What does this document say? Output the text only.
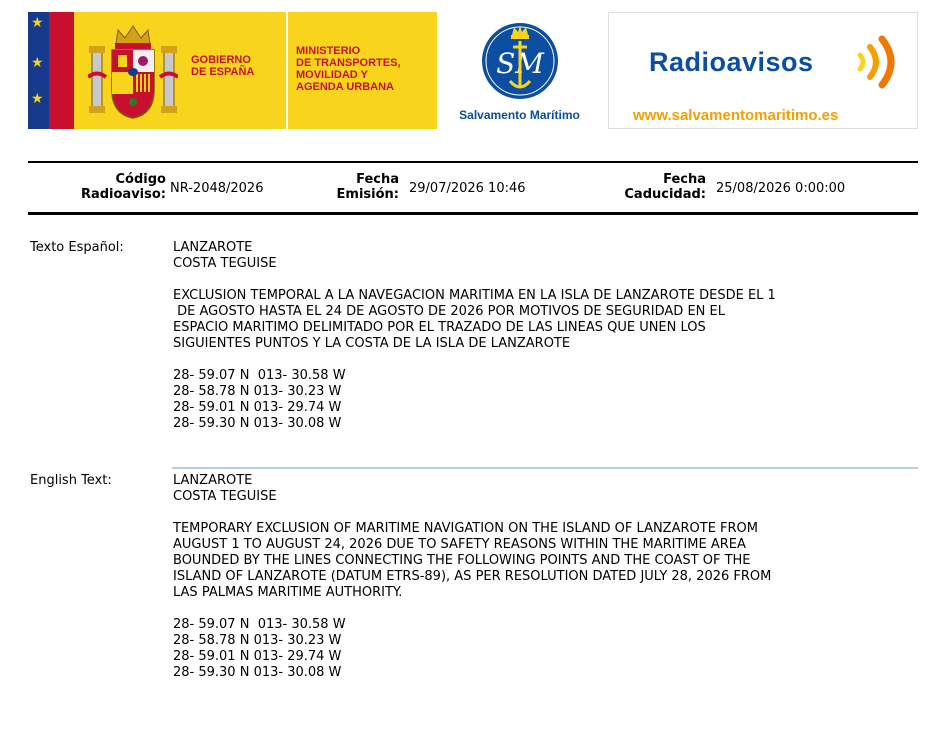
★
★
★
GOBIERNO
DE ESPAÑA
MINISTERIO
DE TRANSPORTES,
MOVILIDAD Y
AGENDA URBANA
SM
Salvamento Marítimo
Radioavisos
www.salvamentomaritimo.es
Código
Radioaviso: NR-2048/2026
Fecha
Emisión: 29/07/2026 10:46
Fecha
Caducidad: 25/08/2026 0:00:00
Texto Español:	LANZAROTE

COSTA TEGUISE

EXCLUSION TEMPORAL A LA NAVEGACION MARITIMA EN LA ISLA DE LANZAROTE DESDE EL 1

DE AGOSTO HASTA EL 24 DE AGOSTO DE 2026 POR MOTIVOS DE SEGURIDAD EN EL

ESPACIO MARITIMO DELIMITADO POR EL TRAZADO DE LAS LINEAS QUE UNEN LOS

SIGUIENTES PUNTOS Y LA COSTA DE LA ISLA DE LANZAROTE

28- 59.07 N  013- 30.58 W

28- 58.78 N 013- 30.23 W

28- 59.01 N 013- 29.74 W

28- 59.30 N 013- 30.08 W

English Text:	LANZAROTE

COSTA TEGUISE

TEMPORARY EXCLUSION OF MARITIME NAVIGATION ON THE ISLAND OF LANZAROTE FROM

AUGUST 1 TO AUGUST 24, 2026 DUE TO SAFETY REASONS WITHIN THE MARITIME AREA

BOUNDED BY THE LINES CONNECTING THE FOLLOWING POINTS AND THE COAST OF THE

ISLAND OF LANZAROTE (DATUM ETRS-89), AS PER RESOLUTION DATED JULY 28, 2026 FROM

LAS PALMAS MARITIME AUTHORITY.

28- 59.07 N  013- 30.58 W

28- 58.78 N 013- 30.23 W

28- 59.01 N 013- 29.74 W

28- 59.30 N 013- 30.08 W
